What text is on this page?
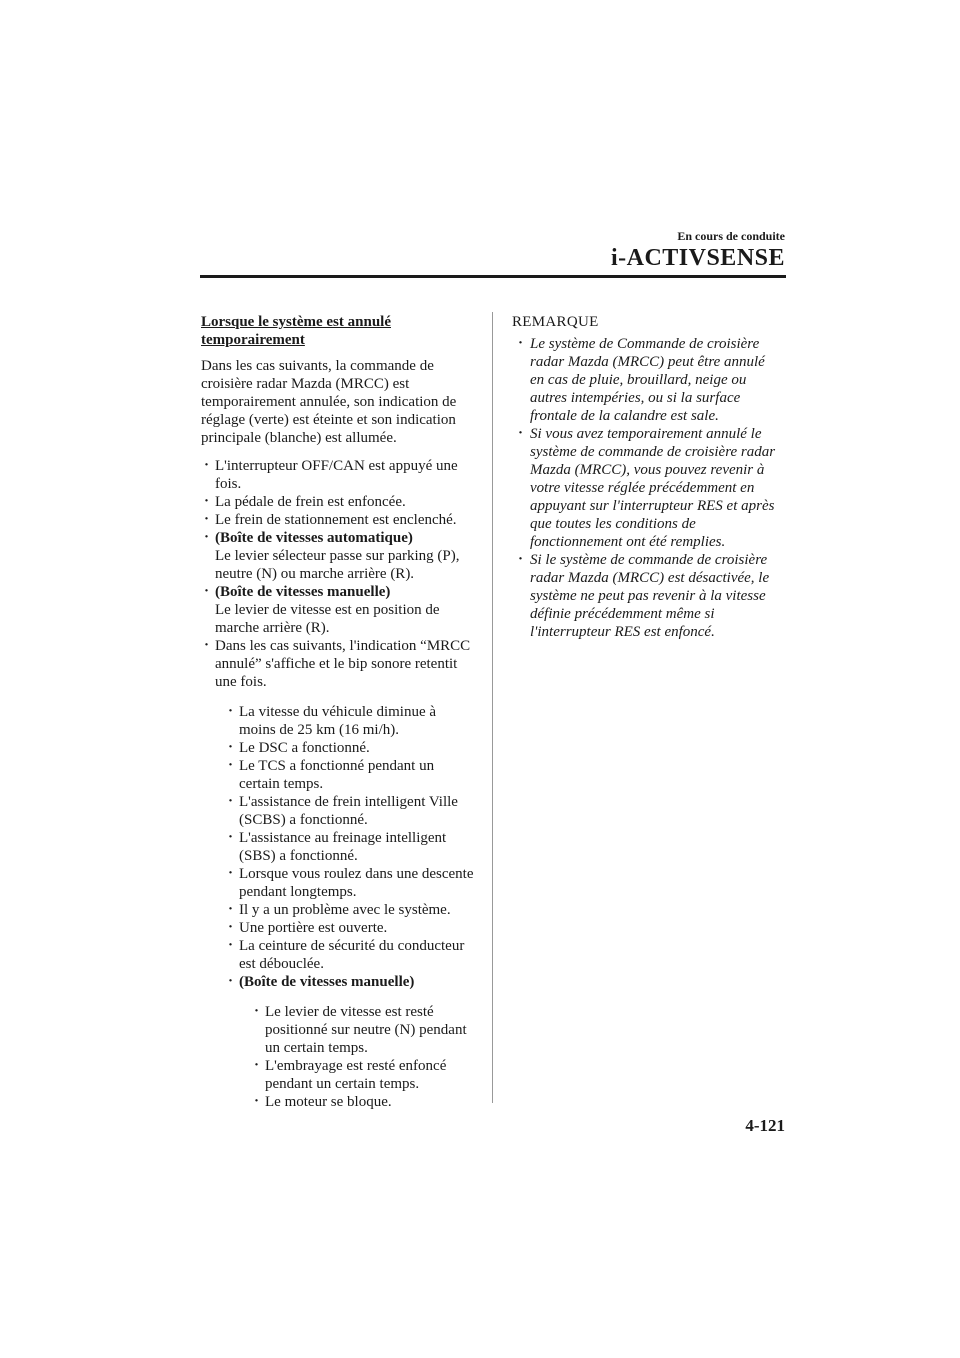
En cours de conduite
i-ACTIVSENSE
Lorsque le système est annulé
temporairement
Dans les cas suivants, la commande de croisière radar Mazda (MRCC) est temporairement annulée, son indication de réglage (verte) est éteinte et son indication principale (blanche) est allumée.
· L'interrupteur OFF/CAN est appuyé une fois.
· La pédale de frein est enfoncée.
· Le frein de stationnement est enclenché.
· (Boîte de vitesses automatique)
Le levier sélecteur passe sur parking (P), neutre (N) ou marche arrière (R).
· (Boîte de vitesses manuelle)
Le levier de vitesse est en position de marche arrière (R).
· Dans les cas suivants, l'indication “MRCC annulé” s'affiche et le bip sonore retentit une fois.
· La vitesse du véhicule diminue à moins de 25 km (16 mi/h).
· Le DSC a fonctionné.
· Le TCS a fonctionné pendant un certain temps.
· L'assistance de frein intelligent Ville (SCBS) a fonctionné.
· L'assistance au freinage intelligent (SBS) a fonctionné.
· Lorsque vous roulez dans une descente pendant longtemps.
· Il y a un problème avec le système.
· Une portière est ouverte.
· La ceinture de sécurité du conducteur est débouclée.
· (Boîte de vitesses manuelle)
· Le levier de vitesse est resté positionné sur neutre (N) pendant un certain temps.
· L'embrayage est resté enfoncé pendant un certain temps.
· Le moteur se bloque.
REMARQUE
· Le système de Commande de croisière radar Mazda (MRCC) peut être annulé en cas de pluie, brouillard, neige ou autres intempéries, ou si la surface frontale de la calandre est sale.
· Si vous avez temporairement annulé le système de commande de croisière radar Mazda (MRCC), vous pouvez revenir à votre vitesse réglée précédemment en appuyant sur l'interrupteur RES et après que toutes les conditions de fonctionnement ont été remplies.
· Si le système de commande de croisière radar Mazda (MRCC) est désactivée, le système ne peut pas revenir à la vitesse définie précédemment même si l'interrupteur RES est enfoncé.
4-121
